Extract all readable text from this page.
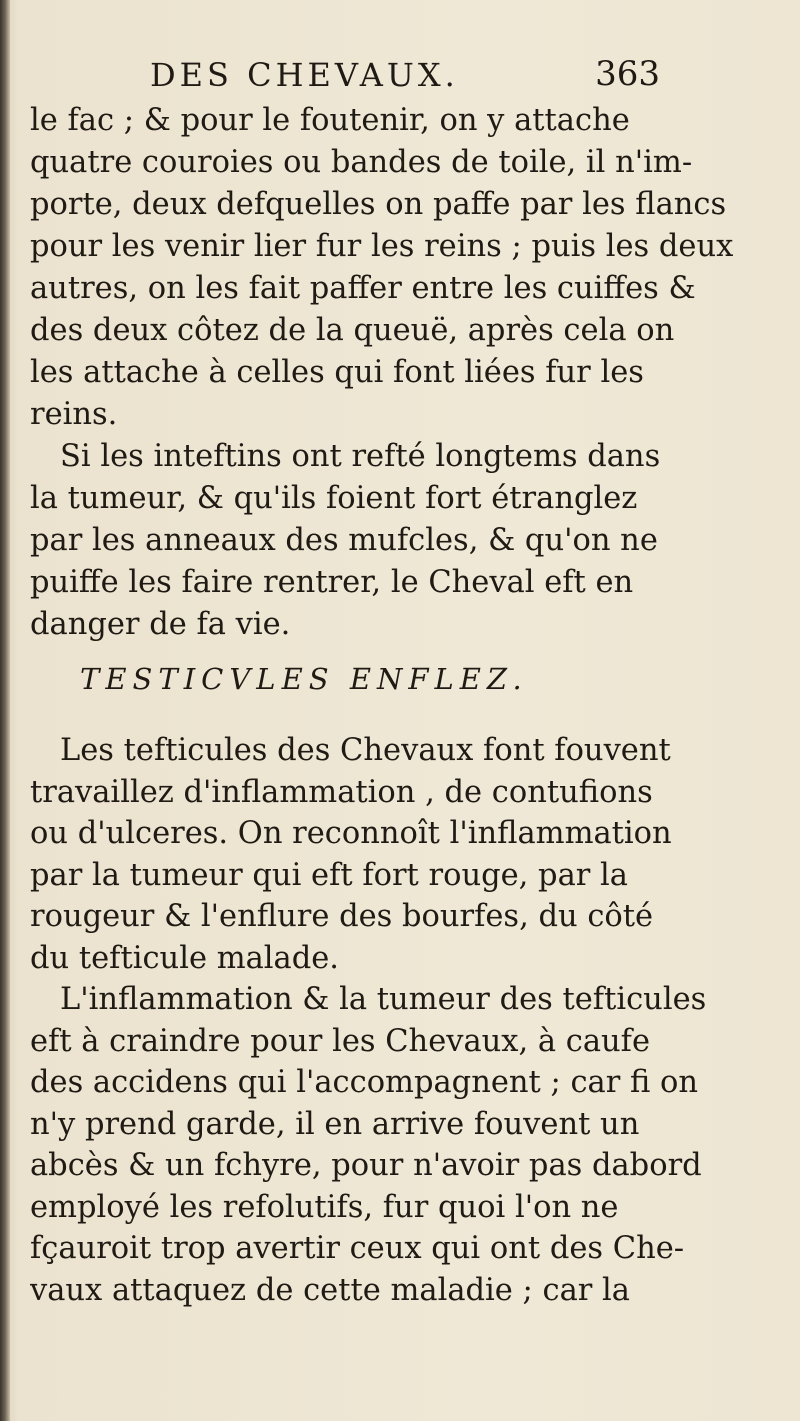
DES CHEVAUX.	363
le fac ; & pour le foutenir, on y attache
quatre couroies ou bandes de toile, il n'im-
porte, deux defquelles on paffe par les flancs
pour les venir lier fur les reins ; puis les deux
autres, on les fait paffer entre les cuiffes &
des deux côtez de la queuë, après cela on
les attache à celles qui font liées fur les
reins.
Si les inteftins ont refté longtems dans
la tumeur, & qu'ils foient fort étranglez
par les anneaux des mufcles, & qu'on ne
puiffe les faire rentrer, le Cheval eft en
danger de fa vie.
TESTICVLES ENFLEZ.
Les tefticules des Chevaux font fouvent
travaillez d'inflammation , de contufions
ou d'ulceres. On reconnoît l'inflammation
par la tumeur qui eft fort rouge, par la
rougeur & l'enflure des bourfes, du côté
du tefticule malade.
L'inflammation & la tumeur des tefticules
eft à craindre pour les Chevaux, à caufe
des accidens qui l'accompagnent ; car fi on
n'y prend garde, il en arrive fouvent un
abcès & un fchyre, pour n'avoir pas dabord
employé les refolutifs, fur quoi l'on ne
fçauroit trop avertir ceux qui ont des Che-
vaux attaquez de cette maladie ; car la
